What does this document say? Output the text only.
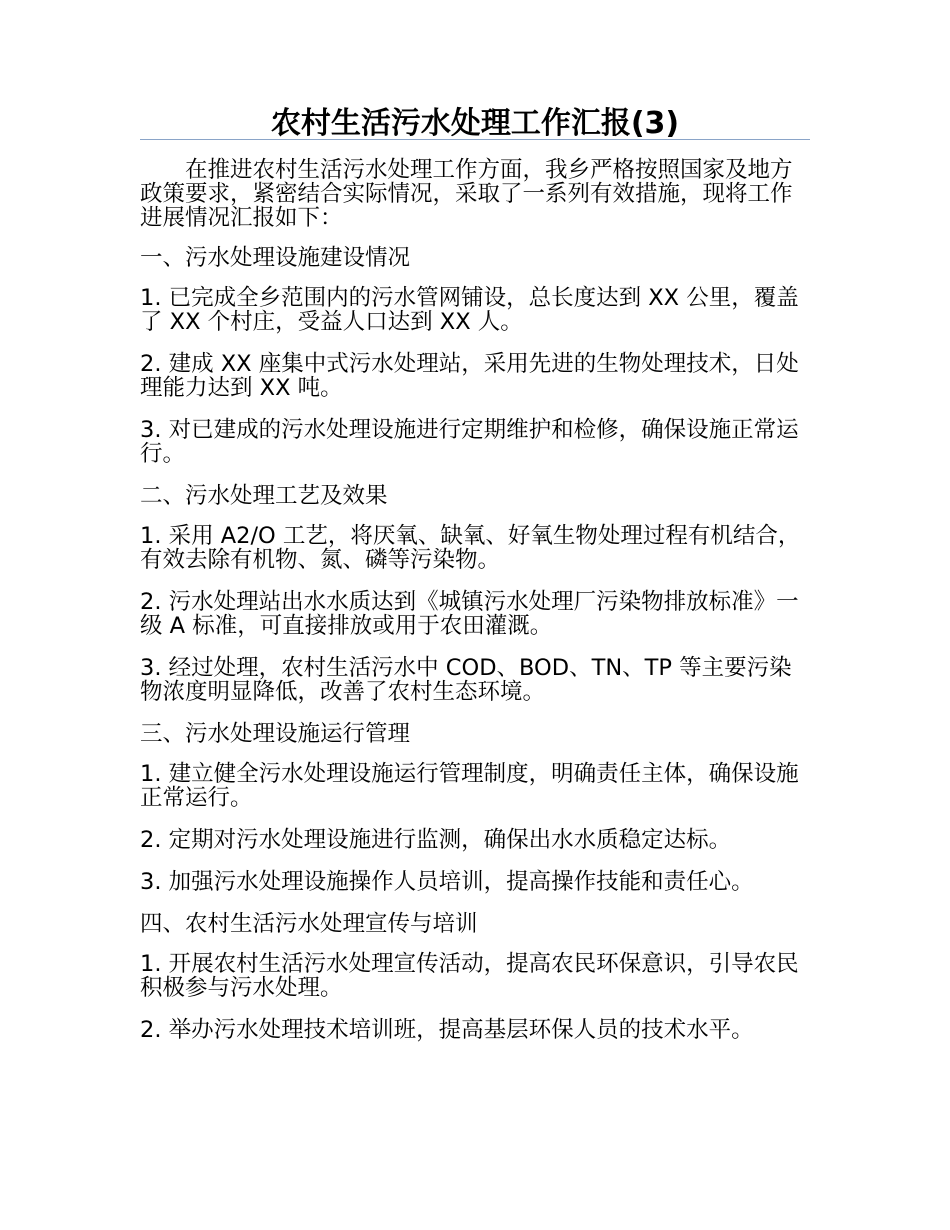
农村生活污水处理工作汇报(3)

在推进农村生活污水处理工作方面，我乡严格按照国家及地方政策要求，紧密结合实际情况，采取了一系列有效措施，现将工作进展情况汇报如下：

一、污水处理设施建设情况

1. 已完成全乡范围内的污水管网铺设，总长度达到 XX 公里，覆盖了 XX 个村庄，受益人口达到 XX 人。

2. 建成 XX 座集中式污水处理站，采用先进的生物处理技术，日处理能力达到 XX 吨。

3. 对已建成的污水处理设施进行定期维护和检修，确保设施正常运行。

二、污水处理工艺及效果

1. 采用 A2/O 工艺，将厌氧、缺氧、好氧生物处理过程有机结合，有效去除有机物、氮、磷等污染物。

2. 污水处理站出水水质达到《城镇污水处理厂污染物排放标准》一级 A 标准，可直接排放或用于农田灌溉。

3. 经过处理，农村生活污水中 COD、BOD、TN、TP 等主要污染物浓度明显降低，改善了农村生态环境。

三、污水处理设施运行管理

1. 建立健全污水处理设施运行管理制度，明确责任主体，确保设施正常运行。

2. 定期对污水处理设施进行监测，确保出水水质稳定达标。

3. 加强污水处理设施操作人员培训，提高操作技能和责任心。

四、农村生活污水处理宣传与培训

1. 开展农村生活污水处理宣传活动，提高农民环保意识，引导农民积极参与污水处理。

2. 举办污水处理技术培训班，提高基层环保人员的技术水平。
